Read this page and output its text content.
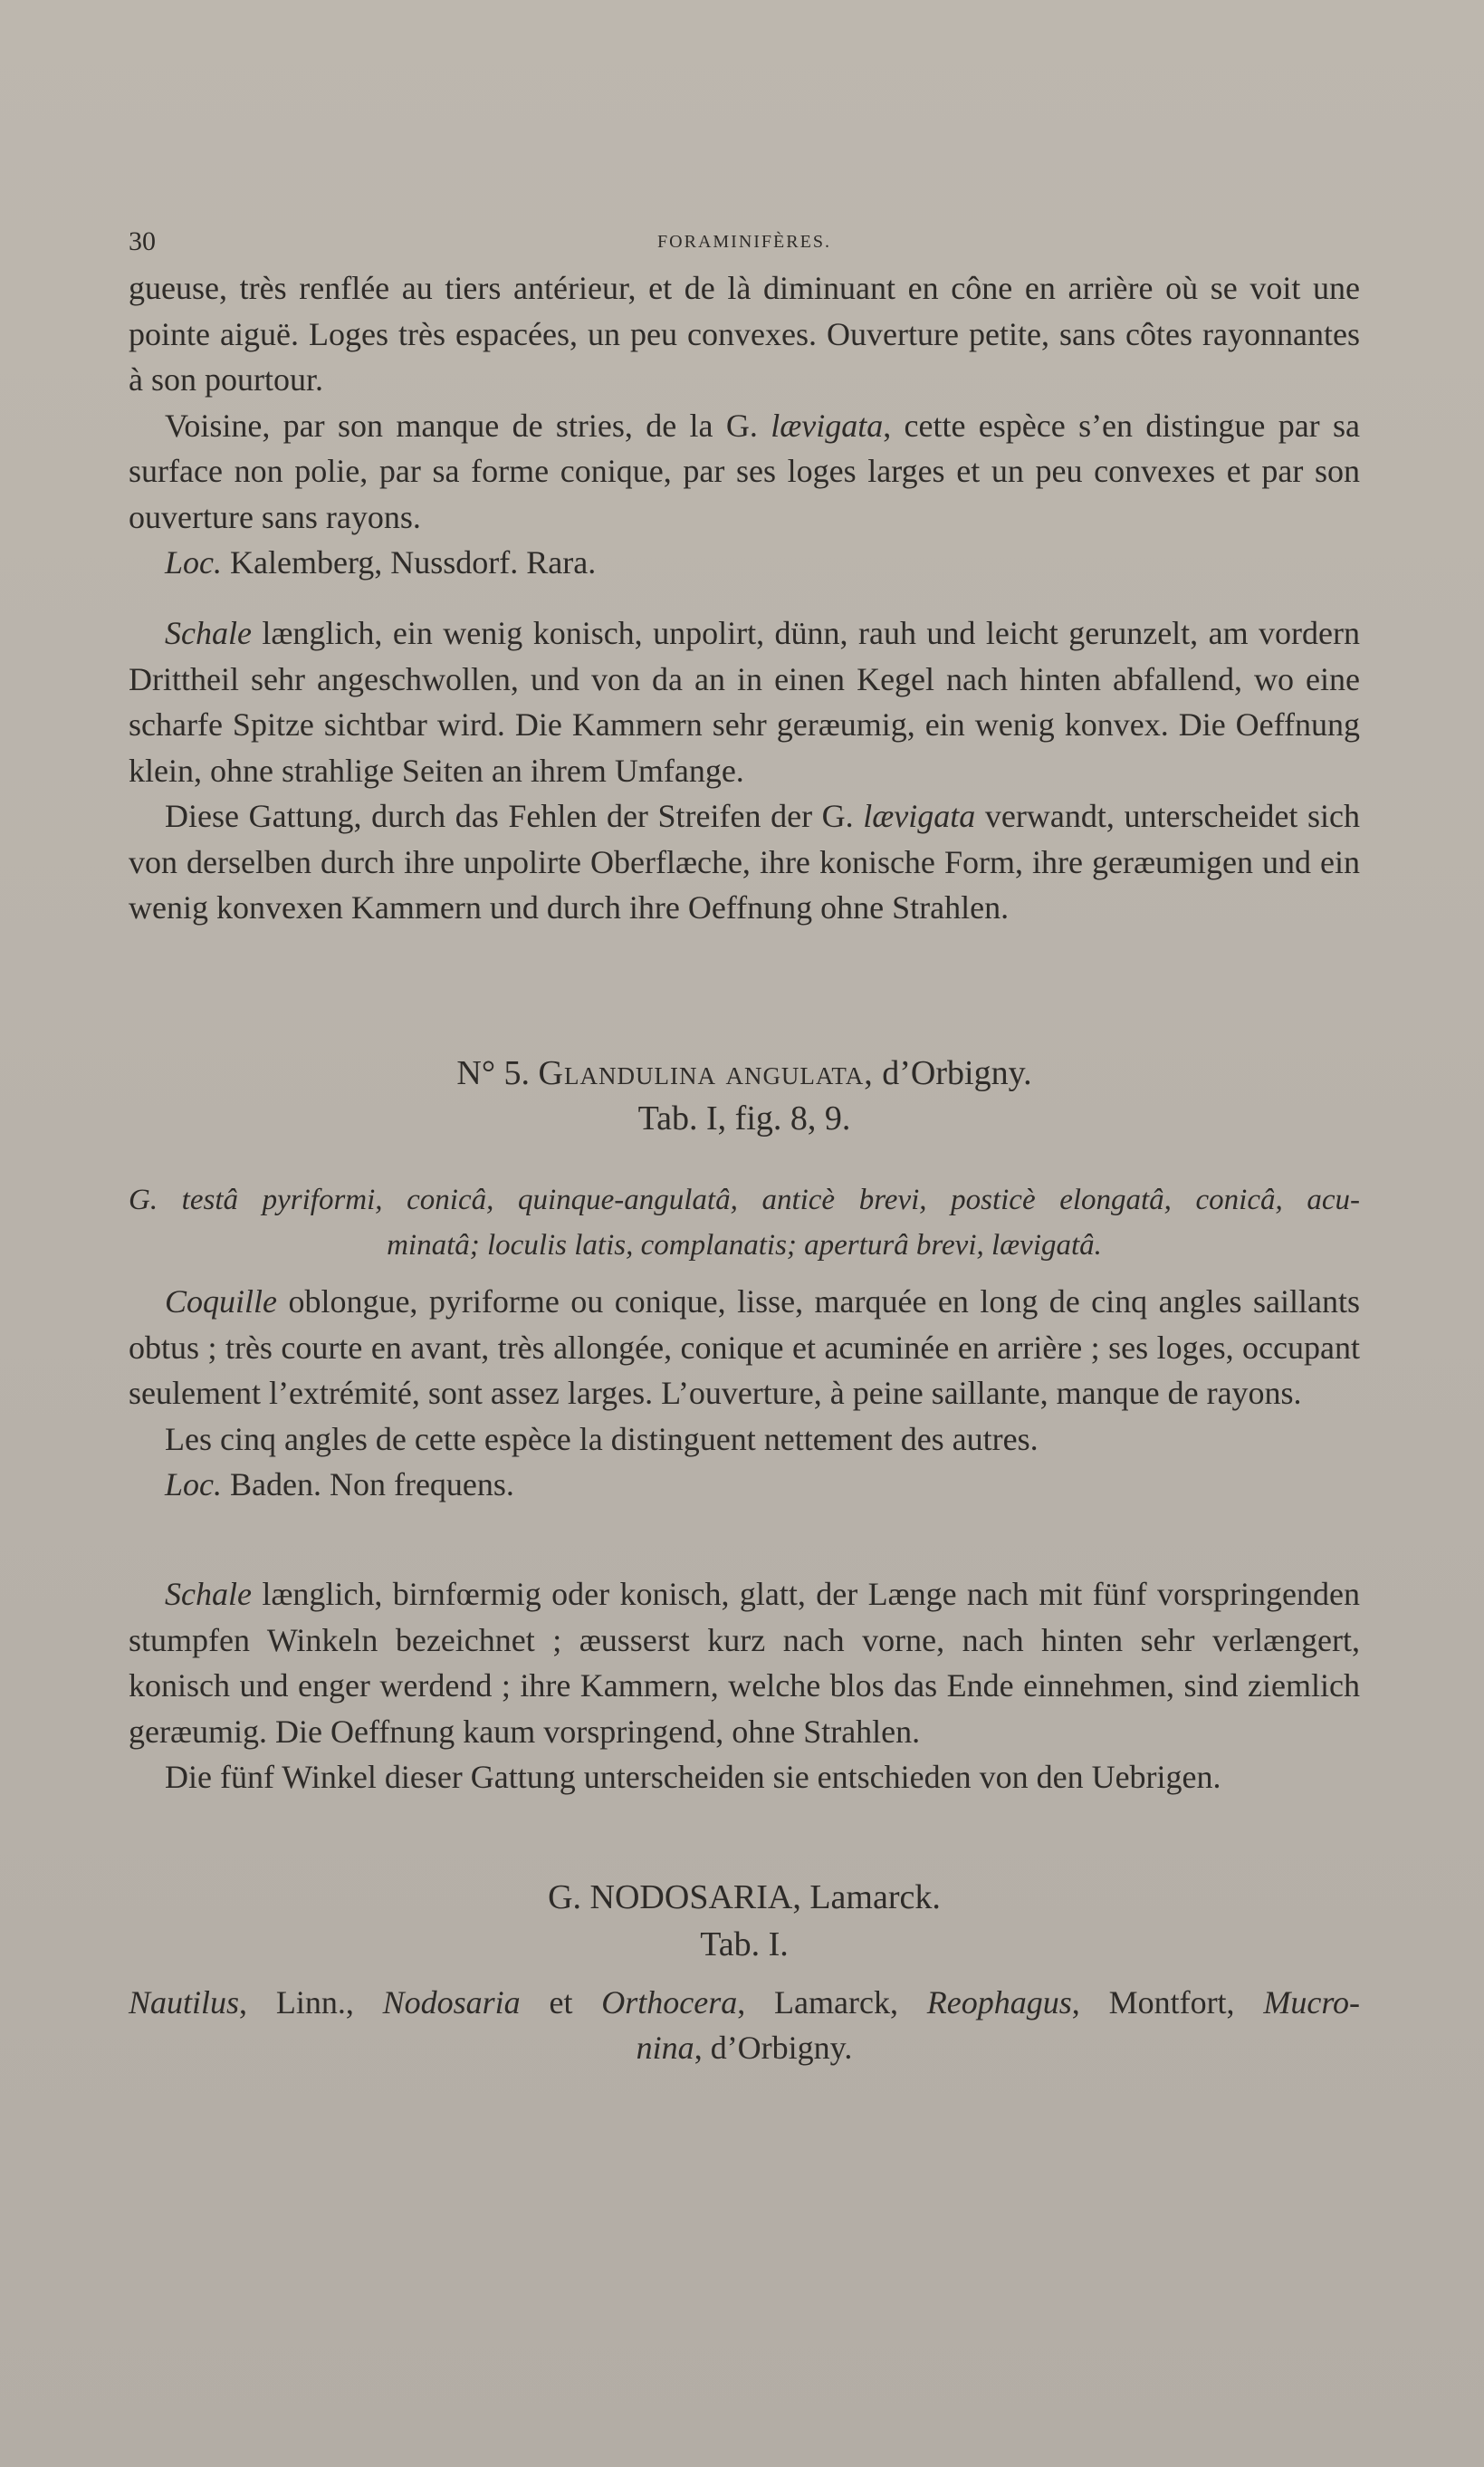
30	FORAMINIFÈRES.

gueuse, très renflée au tiers antérieur, et de là diminuant en cône en arrière où se voit une pointe aiguë. Loges très espacées, un peu convexes. Ouverture petite, sans côtes rayonnantes à son pourtour.

Voisine, par son manque de stries, de la G. lævigata, cette espèce s’en distingue par sa surface non polie, par sa forme conique, par ses loges larges et un peu convexes et par son ouverture sans rayons.

Loc. Kalemberg, Nussdorf. Rara.

Schale længlich, ein wenig konisch, unpolirt, dünn, rauh und leicht gerunzelt, am vordern Drittheil sehr angeschwollen, und von da an in einen Kegel nach hinten abfallend, wo eine scharfe Spitze sichtbar wird. Die Kammern sehr geræumig, ein wenig konvex. Die Oeffnung klein, ohne strahlige Seiten an ihrem Umfange.

Diese Gattung, durch das Fehlen der Streifen der G. lævigata verwandt, unterscheidet sich von derselben durch ihre unpolirte Oberflæche, ihre konische Form, ihre geræumigen und ein wenig konvexen Kammern und durch ihre Oeffnung ohne Strahlen.

N° 5. Glandulina angulata, d’Orbigny.
Tab. I, fig. 8, 9.
G. testâ pyriformi, conicâ, quinque-angulatâ, anticè brevi, posticè elongatâ, conicâ, acu-
minatâ; loculis latis, complanatis; aperturâ brevi, lævigatâ.

Coquille oblongue, pyriforme ou conique, lisse, marquée en long de cinq angles saillants obtus ; très courte en avant, très allongée, conique et acuminée en arrière ; ses loges, occupant seulement l’extrémité, sont assez larges. L’ouverture, à peine saillante, manque de rayons.

Les cinq angles de cette espèce la distinguent nettement des autres.

Loc. Baden. Non frequens.

Schale længlich, birnfœrmig oder konisch, glatt, der Længe nach mit fünf vorspringenden stumpfen Winkeln bezeichnet ; æusserst kurz nach vorne, nach hinten sehr verlængert, konisch und enger werdend ; ihre Kammern, welche blos das Ende einnehmen, sind ziemlich geræumig. Die Oeffnung kaum vorspringend, ohne Strahlen.

Die fünf Winkel dieser Gattung unterscheiden sie entschieden von den Uebrigen.

G. NODOSARIA, Lamarck.
Tab. I.
Nautilus, Linn., Nodosaria et Orthocera, Lamarck, Reophagus, Montfort, Mucro-
nina, d’Orbigny.
